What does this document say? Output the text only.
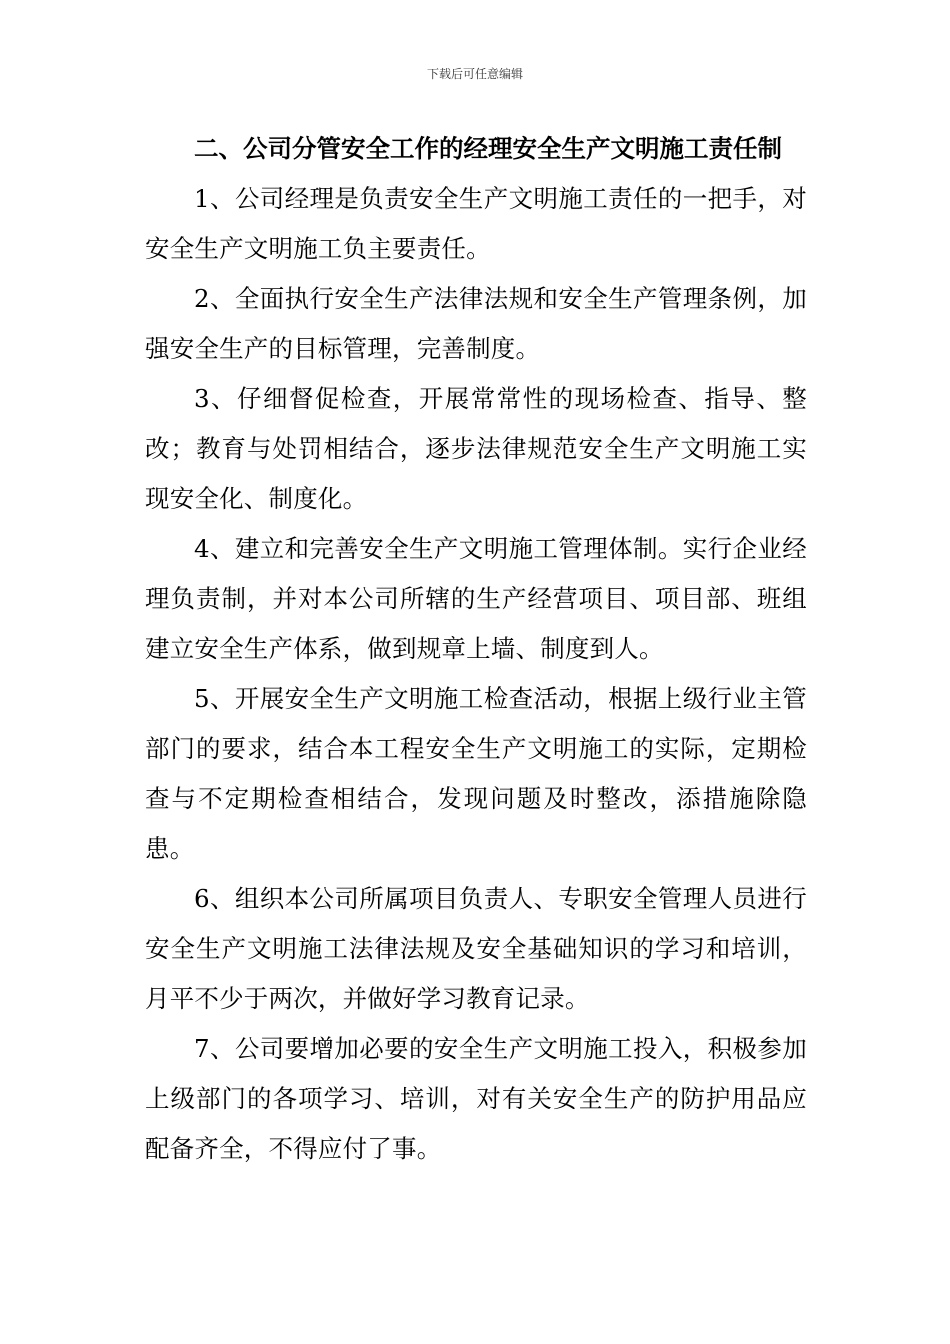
下载后可任意编辑
二、公司分管安全工作的经理安全生产文明施工责任制

1、公司经理是负责安全生产文明施工责任的一把手，对安全生产文明施工负主要责任。

2、全面执行安全生产法律法规和安全生产管理条例，加强安全生产的目标管理，完善制度。

3、仔细督促检查，开展常常性的现场检查、指导、整改；教育与处罚相结合，逐步法律规范安全生产文明施工实现安全化、制度化。

4、建立和完善安全生产文明施工管理体制。实行企业经理负责制，并对本公司所辖的生产经营项目、项目部、班组建立安全生产体系，做到规章上墙、制度到人。

5、开展安全生产文明施工检查活动，根据上级行业主管部门的要求，结合本工程安全生产文明施工的实际，定期检查与不定期检查相结合，发现问题及时整改，添措施除隐患。

6、组织本公司所属项目负责人、专职安全管理人员进行安全生产文明施工法律法规及安全基础知识的学习和培训，月平不少于两次，并做好学习教育记录。

7、公司要增加必要的安全生产文明施工投入，积极参加上级部门的各项学习、培训，对有关安全生产的防护用品应配备齐全，不得应付了事。
